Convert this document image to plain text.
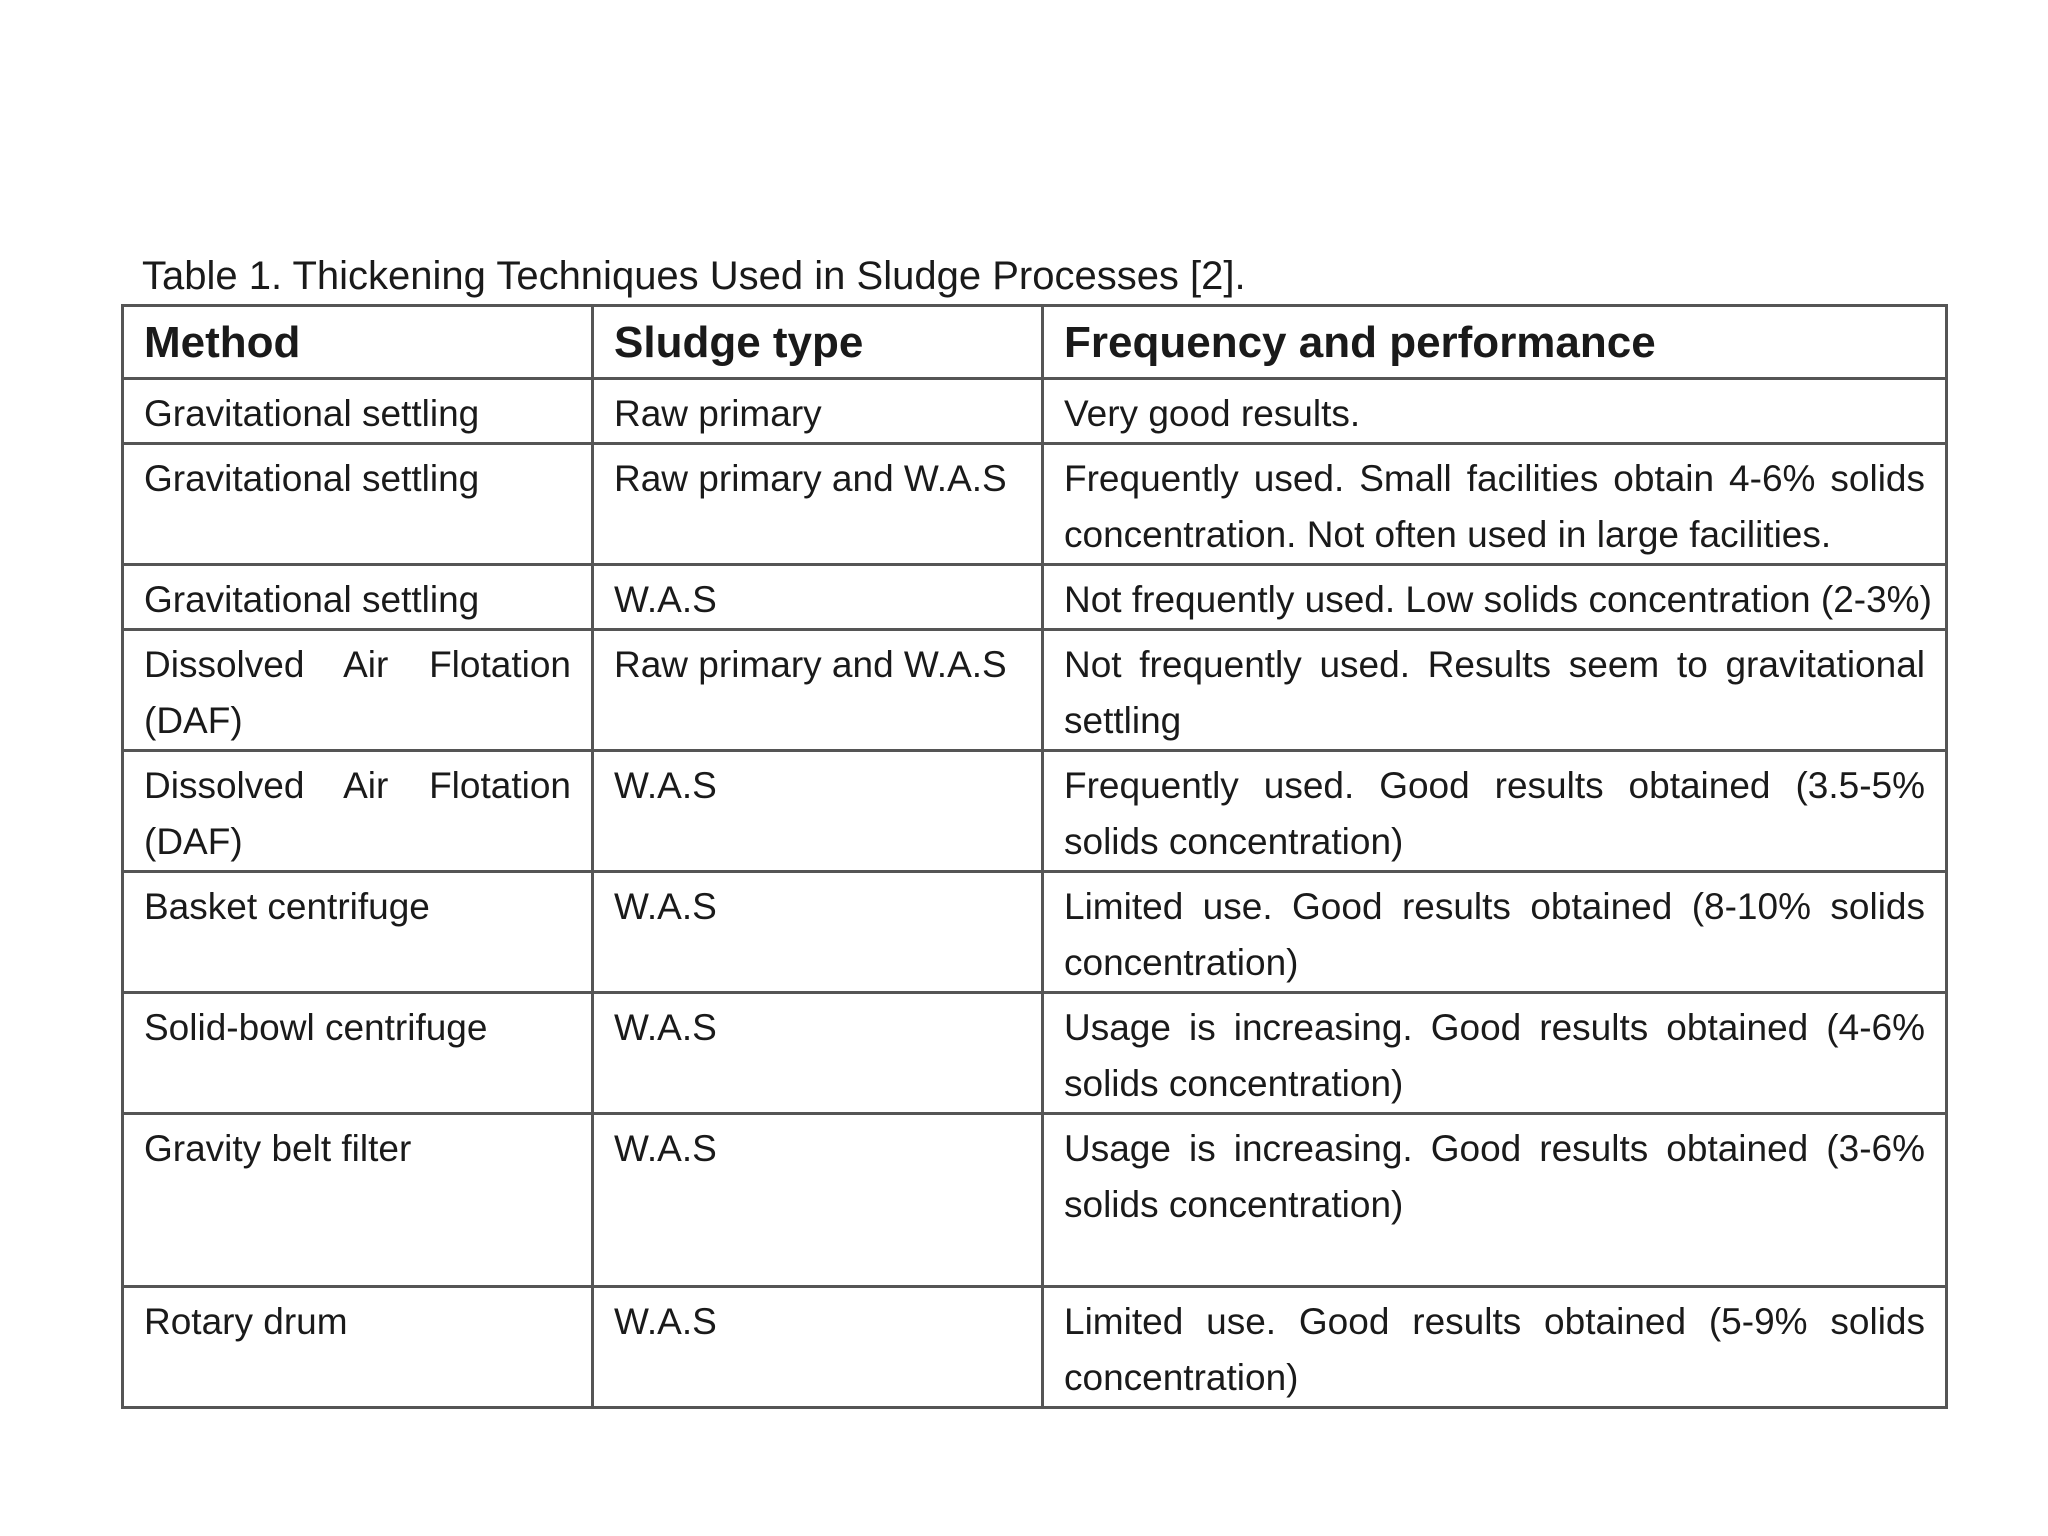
Table 1. Thickening Techniques Used in Sludge Processes [2].
Method	Sludge type	Frequency and performance
Gravitational settling	Raw primary	Very good results.
Gravitational settling	Raw primary and W.A.S	Frequently used. Small facilities obtain 4-6% solids concentration. Not often used in large facilities.
Gravitational settling	W.A.S	Not frequently used. Low solids concentration (2-3%)
Dissolved Air Flotation (DAF)	Raw primary and W.A.S	Not frequently used. Results seem to gravitational settling
Dissolved Air Flotation (DAF)	W.A.S	Frequently used. Good results obtained (3.5-5% solids concentration)
Basket centrifuge	W.A.S	Limited use. Good results obtained (8-10% solids concentration)
Solid-bowl centrifuge	W.A.S	Usage is increasing. Good results obtained (4-6% solids concentration)
Gravity belt filter	W.A.S	Usage is increasing. Good results obtained (3-6% solids concentration)
Rotary drum	W.A.S	Limited use. Good results obtained (5-9% solids concentration)
